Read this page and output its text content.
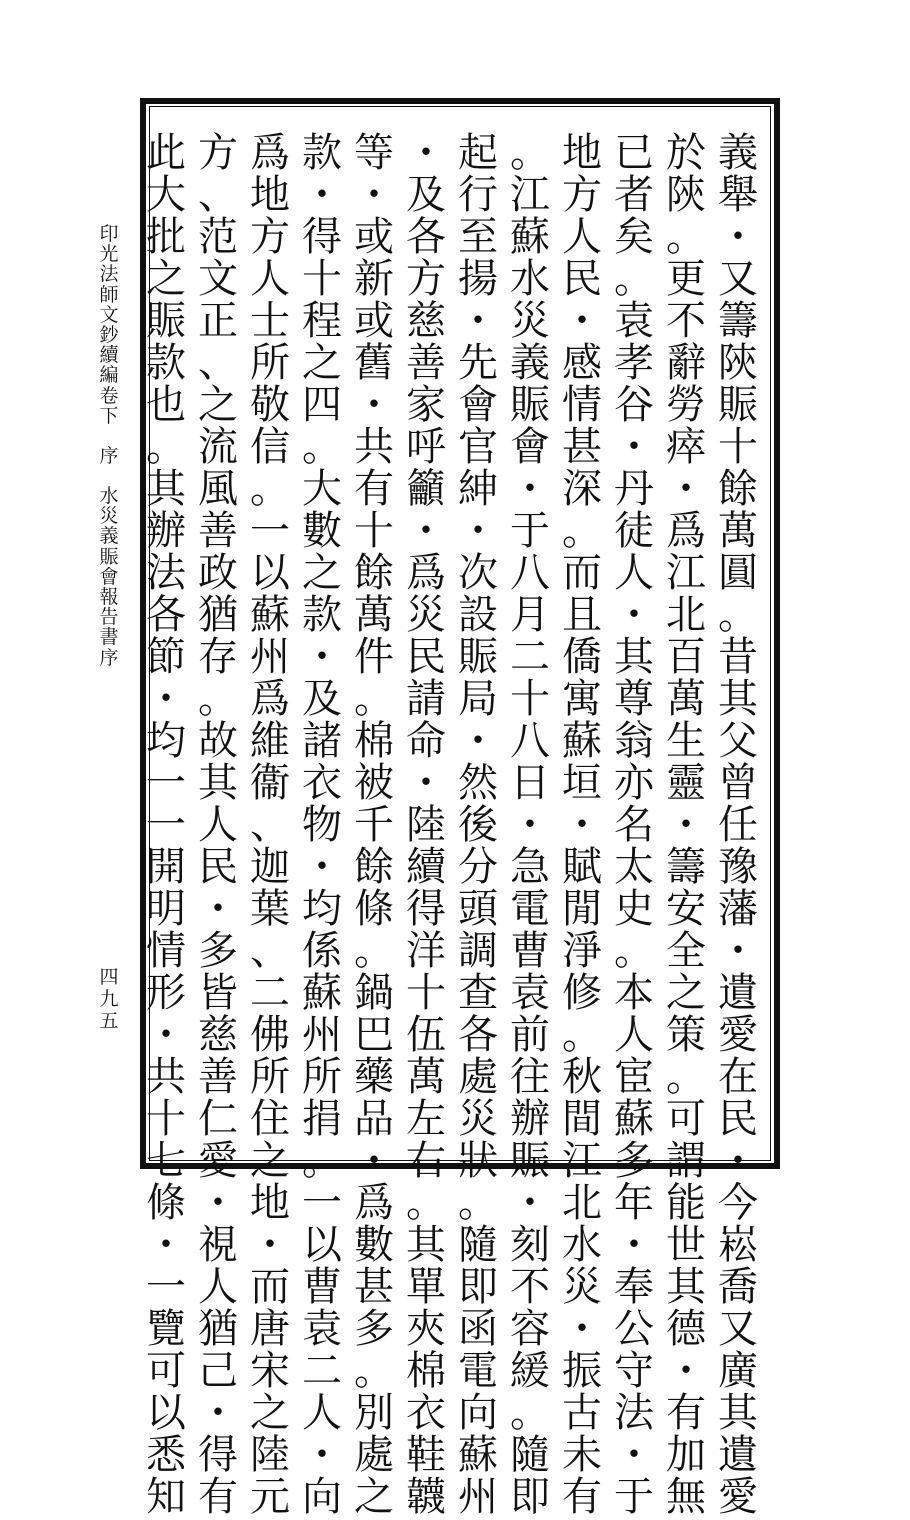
印
光
法
師
文
鈔
續
編
卷
下
序
水
災
義
賑
會
報
告
書
序
四
九
五
義
舉
・
又
籌
陝
賑
十
餘
萬
圓
。
昔
其
父
曾
任
豫
藩
・
遺
愛
在
民
・
今
崧
喬
又
廣
其
遺
愛
於
陝
。
更
不
辭
勞
瘁
・
爲
江
北
百
萬
生
靈
・
籌
安
全
之
策
。
可
謂
能
世
其
德
・
有
加
無
已
者
矣
。
袁
孝
谷
・
丹
徒
人
・
其
尊
翁
亦
名
太
史
。
本
人
宦
蘇
多
年
・
奉
公
守
法
・
于
地
方
人
民
・
感
情
甚
深
。
而
且
僑
寓
蘇
垣
・
賦
閒
淨
修
。
秋
間
江
北
水
災
・
振
古
未
有
。
江
蘇
水
災
義
賑
會
・
于
八
月
二
十
八
日
・
急
電
曹
袁
前
往
辦
賑
・
刻
不
容
緩
。
隨
即
起
行
至
揚
・
先
會
官
紳
・
次
設
賑
局
・
然
後
分
頭
調
查
各
處
災
狀
。
隨
即
函
電
向
蘇
州
・
及
各
方
慈
善
家
呼
籲
・
爲
災
民
請
命
・
陸
續
得
洋
十
伍
萬
左
右
。
其
單
夾
棉
衣
鞋
韤
等
・
或
新
或
舊
・
共
有
十
餘
萬
件
。
棉
被
千
餘
條
。
鍋
巴
藥
品
・
爲
數
甚
多
。
別
處
之
款
・
得
十
程
之
四
。
大
數
之
款
・
及
諸
衣
物
・
均
係
蘇
州
所
捐
。
一
以
曹
袁
二
人
・
向
爲
地
方
人
士
所
敬
信
。
一
以
蘇
州
爲
維
衞
、
迦
葉
、
二
佛
所
住
之
地
・
而
唐
宋
之
陸
元
方
、
范
文
正
、
之
流
風
善
政
猶
存
。
故
其
人
民
・
多
皆
慈
善
仁
愛
・
視
人
猶
己
・
得
有
此
大
批
之
賑
款
也
。
其
辦
法
各
節
・
均
一
一
開
明
情
形
・
共
十
七
條
・
一
覽
可
以
悉
知
